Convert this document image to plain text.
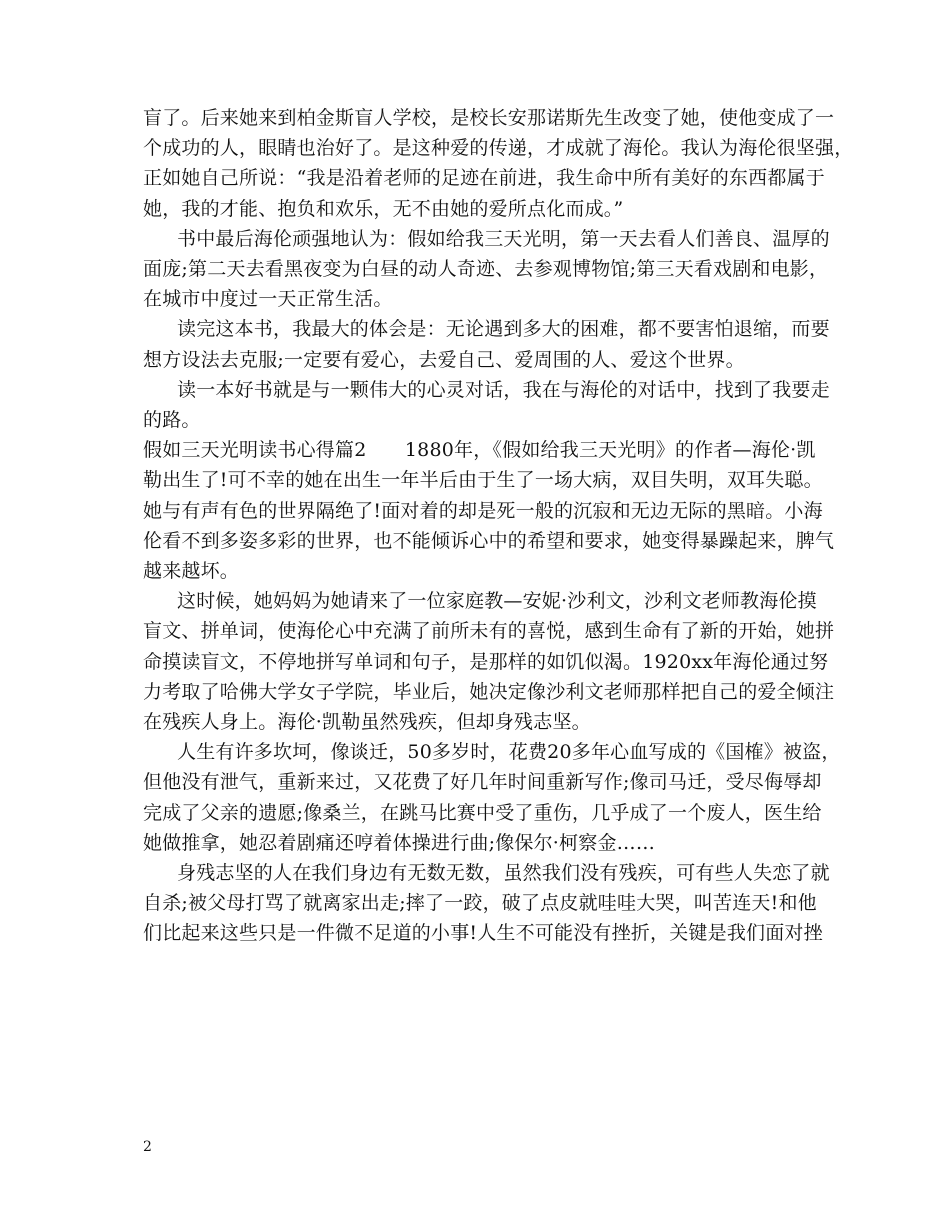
盲了。后来她来到柏金斯盲人学校，是校长安那诺斯先生改变了她，使他变成了一
个成功的人，眼睛也治好了。是这种爱的传递，才成就了海伦。我认为海伦很坚强，
正如她自己所说：“我是沿着老师的足迹在前进，我生命中所有美好的东西都属于
她，我的才能、抱负和欢乐，无不由她的爱所点化而成。”
书中最后海伦顽强地认为：假如给我三天光明，第一天去看人们善良、温厚的
面庞;第二天去看黑夜变为白昼的动人奇迹、去参观博物馆;第三天看戏剧和电影，
在城市中度过一天正常生活。
读完这本书，我最大的体会是：无论遇到多大的困难，都不要害怕退缩，而要
想方设法去克服;一定要有爱心，去爱自己、爱周围的人、爱这个世界。
读一本好书就是与一颗伟大的心灵对话，我在与海伦的对话中，找到了我要走
的路。
假如三天光明读书心得篇2　　1880年，《假如给我三天光明》的作者—海伦·凯
勒出生了!可不幸的她在出生一年半后由于生了一场大病，双目失明，双耳失聪。
她与有声有色的世界隔绝了!面对着的却是死一般的沉寂和无边无际的黑暗。小海
伦看不到多姿多彩的世界，也不能倾诉心中的希望和要求，她变得暴躁起来，脾气
越来越坏。
这时候，她妈妈为她请来了一位家庭教—安妮·沙利文，沙利文老师教海伦摸
盲文、拼单词，使海伦心中充满了前所未有的喜悦，感到生命有了新的开始，她拼
命摸读盲文，不停地拼写单词和句子，是那样的如饥似渴。1920xx年海伦通过努
力考取了哈佛大学女子学院，毕业后，她决定像沙利文老师那样把自己的爱全倾注
在残疾人身上。海伦·凯勒虽然残疾，但却身残志坚。
人生有许多坎坷，像谈迁，50多岁时，花费20多年心血写成的《国榷》被盗，
但他没有泄气，重新来过，又花费了好几年时间重新写作;像司马迁，受尽侮辱却
完成了父亲的遗愿;像桑兰，在跳马比赛中受了重伤，几乎成了一个废人，医生给
她做推拿，她忍着剧痛还哼着体操进行曲;像保尔·柯察金……
身残志坚的人在我们身边有无数无数，虽然我们没有残疾，可有些人失恋了就
自杀;被父母打骂了就离家出走;摔了一跤，破了点皮就哇哇大哭，叫苦连天!和他
们比起来这些只是一件微不足道的小事!人生不可能没有挫折，关键是我们面对挫
2
